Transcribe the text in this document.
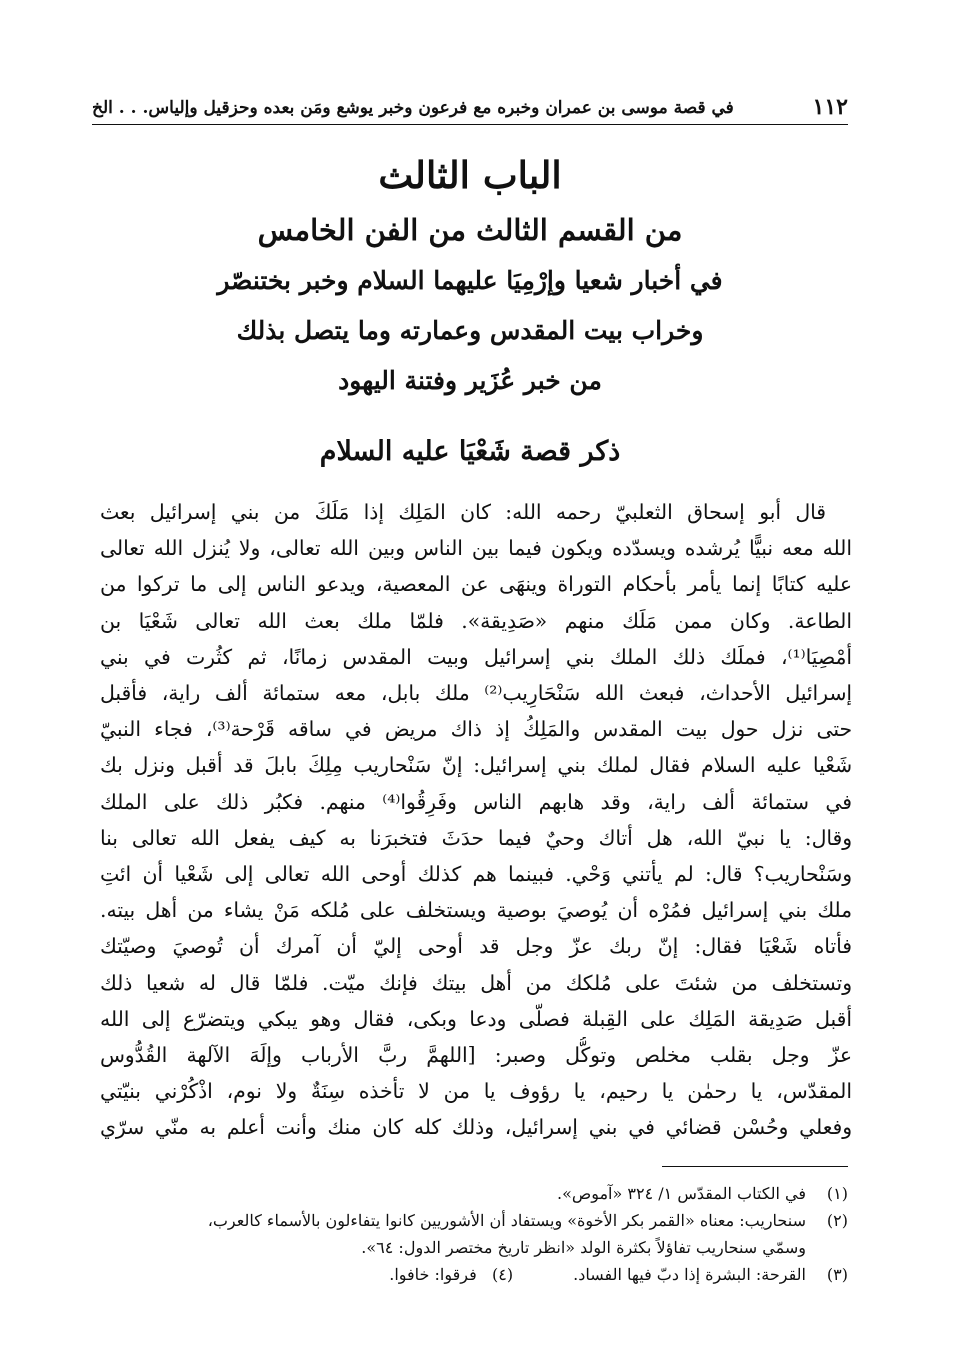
١١٢
في قصة موسى بن عمران وخبره مع فرعون وخبر يوشع ومَن بعده وحزقيل وإلياس. . . الخ
الباب الثالث
من القسم الثالث من الفن الخامس
في أخبار شعيا وإرْمِيَا عليهما السلام وخبر بختنصّر
وخراب بيت المقدس وعمارته وما يتصل بذلك
من خبر عُزَير وفتنة اليهود
ذكر قصة شَعْيَا عليه السلام
قال أبو إسحاق الثعلبيّ رحمه الله: كان المَلِك إذا مَلَكَ من بني إسرائيل بعث
الله معه نبيًّا يُرشده ويسدّده ويكون فيما بين الناس وبين الله تعالى، ولا يُنزل الله تعالى
عليه كتابًا إنما يأمر بأحكام التوراة وينهَى عن المعصية، ويدعو الناس إلى ما تركوا من
الطاعة. وكان ممن مَلَك منهم «صَدِيقة». فلمّا ملك بعث الله تعالى شَعْيَا بن
أمْصِيَا⁽¹⁾، فملَك ذلك الملك بني إسرائيل وبيت المقدس زمانًا، ثم كثُرت في بني
إسرائيل الأحداث، فبعث الله سَنْحَارِيب⁽²⁾ ملك بابل، معه ستمائة ألف راية، فأقبل
حتى نزل حول بيت المقدس والمَلِكُ إذ ذاك مريض في ساقه قَرْحة⁽³⁾، فجاء النبيّ
شَعْيا عليه السلام فقال لملك بني إسرائيل: إنّ سَنْحاريب مِلِكَ بابلَ قد أقبل ونزل بك
في ستمائة ألف راية، وقد هابهم الناس وفَرِقُوا⁽⁴⁾ منهم. فكبُر ذلك على الملك
وقال: يا نبيّ الله، هل أتاك وحيٌ فيما حدَثَ فتخبرَنا به كيف يفعل الله تعالى بنا
وسَنْحاريب؟ قال: لم يأتني وَحْي. فبينما هم كذلك أوحى الله تعالى إلى شَعْيا أن ائتِ
ملك بني إسرائيل فمُرْه أن يُوصيَ بوصية ويستخلف على مُلكه مَنْ يشاء من أهل بيته.
فأتاه شَعْيَا فقال: إنّ ربك عزّ وجل قد أوحى إليّ أن آمرك أن تُوصيَ وصيّتك
وتستخلف من شئتَ على مُلكك من أهل بيتك فإنك ميّت. فلمّا قال له شعيا ذلك
أقبل صَدِيقة المَلِك على القِبلة فصلّى ودعا وبكى، فقال وهو يبكي ويتضرّع إلى الله
عزّ وجل بقلب مخلص وتوكُّل وصبر: [اللهمَّ ربَّ الأرباب وإلَهَ الآلهة القُدُّوس
المقدّس، يا رحمٰن يا رحيم، يا رؤوف يا من لا تأخذه سِنَةٌ ولا نوم، اذْكُرْني بنيّتي
وفعلي وحُسْن قضائي في بني إسرائيل، وذلك كله كان منك وأنت أعلم به منّي سرّي
(١)في الكتاب المقدّس ١/ ٣٢٤ «آموص».
(٢)سنحاريب: معناه «القمر بكر الأخوة» ويستفاد أن الأشوريين كانوا يتفاءلون بالأسماء كالعرب،
وسمّي سنحاريب تفاؤلاً بكثرة الولد «انظر تاريخ مختصر الدول: ٦٤».
(٣)القرحة: البشرة إذا دبّ فيها الفساد.(٤)   فرقوا: خافوا.
